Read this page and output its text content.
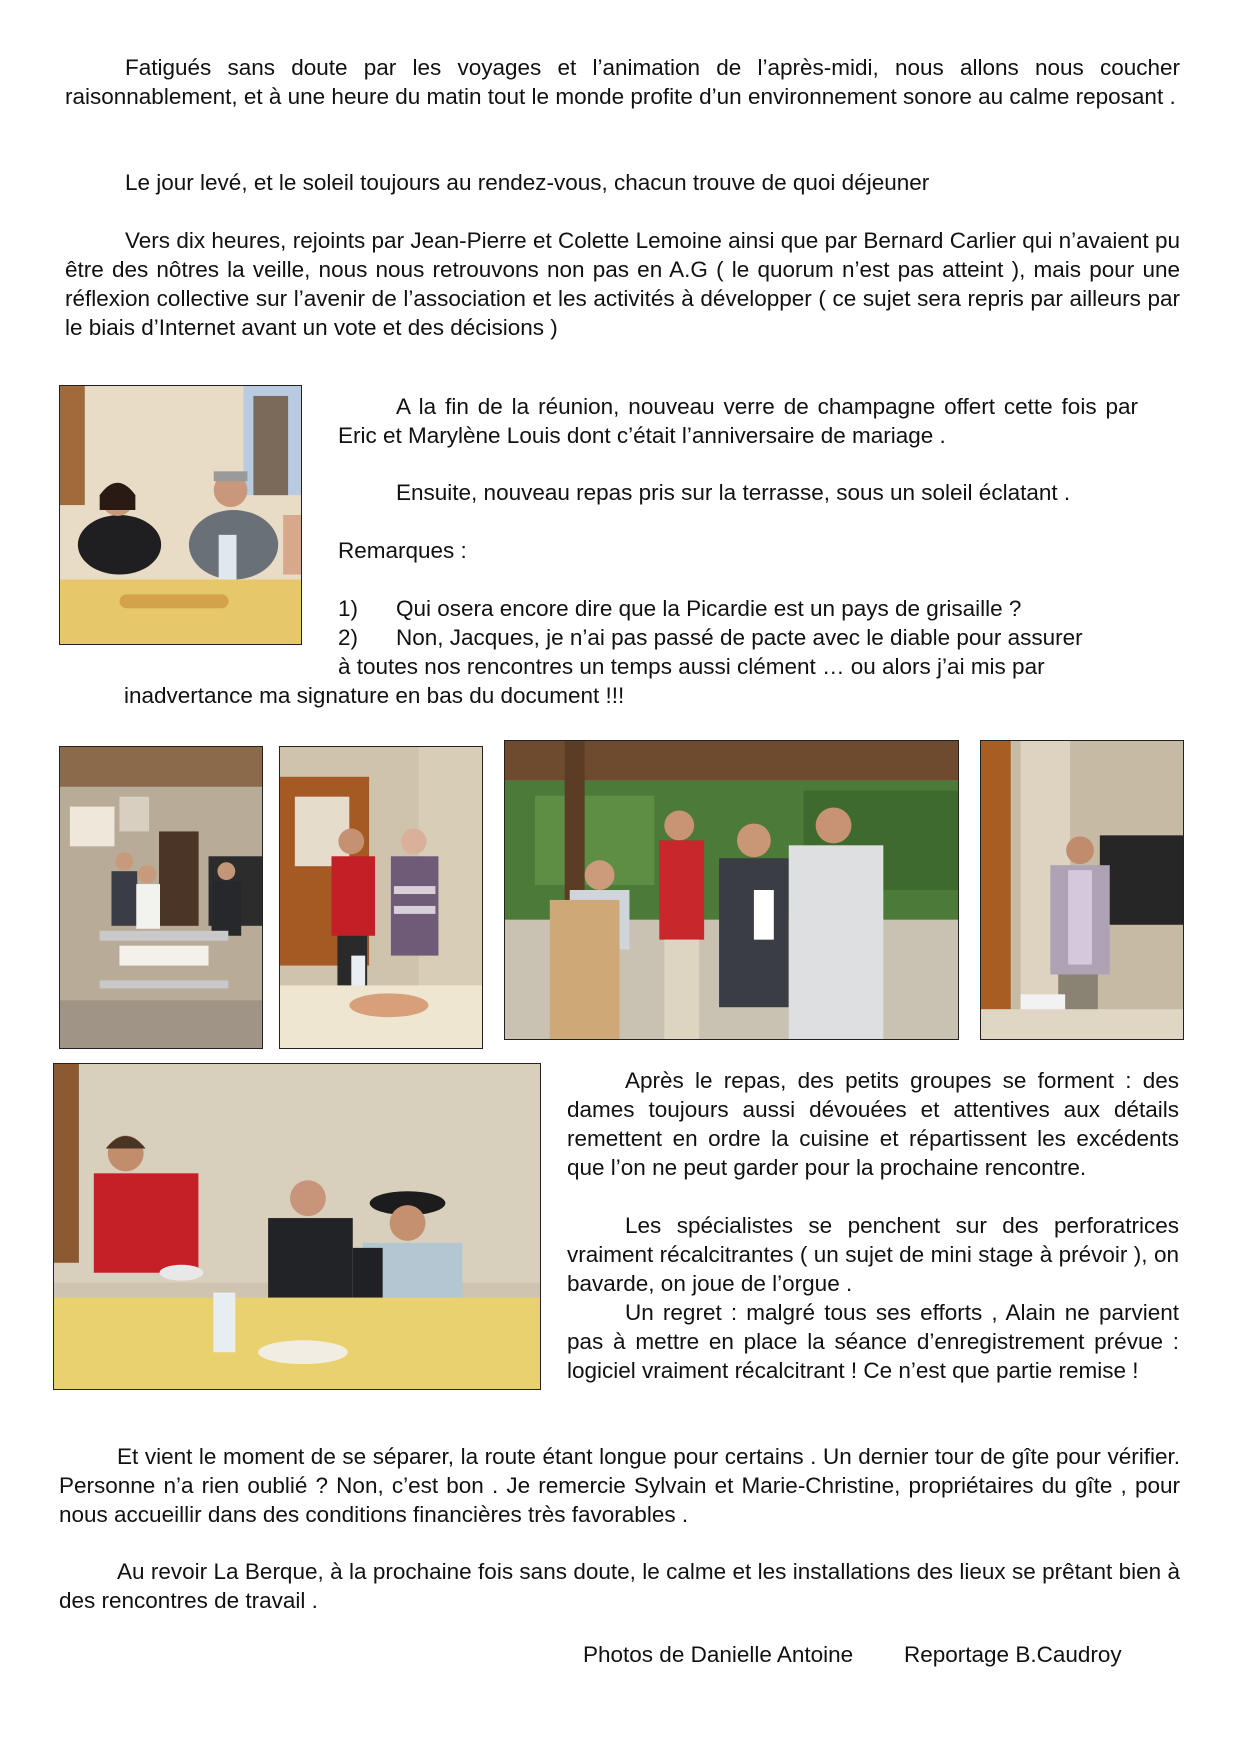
Fatigués sans doute par les voyages et l’animation de l’après-midi, nous allons nous coucher raisonnablement, et à une heure du matin tout le monde profite d’un environnement sonore au calme reposant .

Le jour levé, et le soleil toujours au rendez-vous, chacun trouve de quoi déjeuner

Vers dix heures, rejoints par Jean-Pierre et Colette Lemoine ainsi que par Bernard Carlier qui n’avaient pu être des nôtres la veille, nous nous retrouvons non pas en A.G ( le quorum n’est pas atteint ), mais pour une réflexion collective sur l’avenir de l’association et les activités à développer ( ce sujet sera repris par ailleurs par le biais d’Internet avant un vote et des décisions )

A la fin de la réunion, nouveau verre de champagne offert cette fois par Eric et Marylène Louis dont c’était l’anniversaire de mariage .

Ensuite, nouveau repas pris sur la terrasse, sous un soleil éclatant .

Remarques :

1) Qui osera encore dire que la Picardie est un pays de grisaille ?

2) Non, Jacques, je n’ai pas passé de pacte avec le diable pour assurer

à toutes nos rencontres un temps aussi clément … ou alors j’ai mis par

inadvertance ma signature en bas du document !!!

Après le repas, des petits groupes se forment : des dames toujours aussi dévouées et attentives aux détails remettent en ordre la cuisine et répartissent les excédents que l’on ne peut garder pour la prochaine rencontre.

Les spécialistes se penchent sur des perforatrices vraiment récalcitrantes ( un sujet de mini stage à prévoir ), on bavarde, on joue de l’orgue .

Un regret : malgré tous ses efforts , Alain ne parvient pas à mettre en place la séance d’enregistrement prévue : logiciel vraiment récalcitrant ! Ce n’est que partie remise !

Et vient le moment de se séparer, la route étant longue pour certains . Un dernier tour de gîte pour vérifier. Personne n’a rien oublié ? Non, c’est bon . Je remercie Sylvain et Marie-Christine, propriétaires du gîte , pour nous accueillir dans des conditions financières très favorables .

Au revoir La Berque, à la prochaine fois sans doute, le calme et les installations des lieux se prêtant bien à des rencontres de travail .

Photos de Danielle Antoine Reportage B.Caudroy
